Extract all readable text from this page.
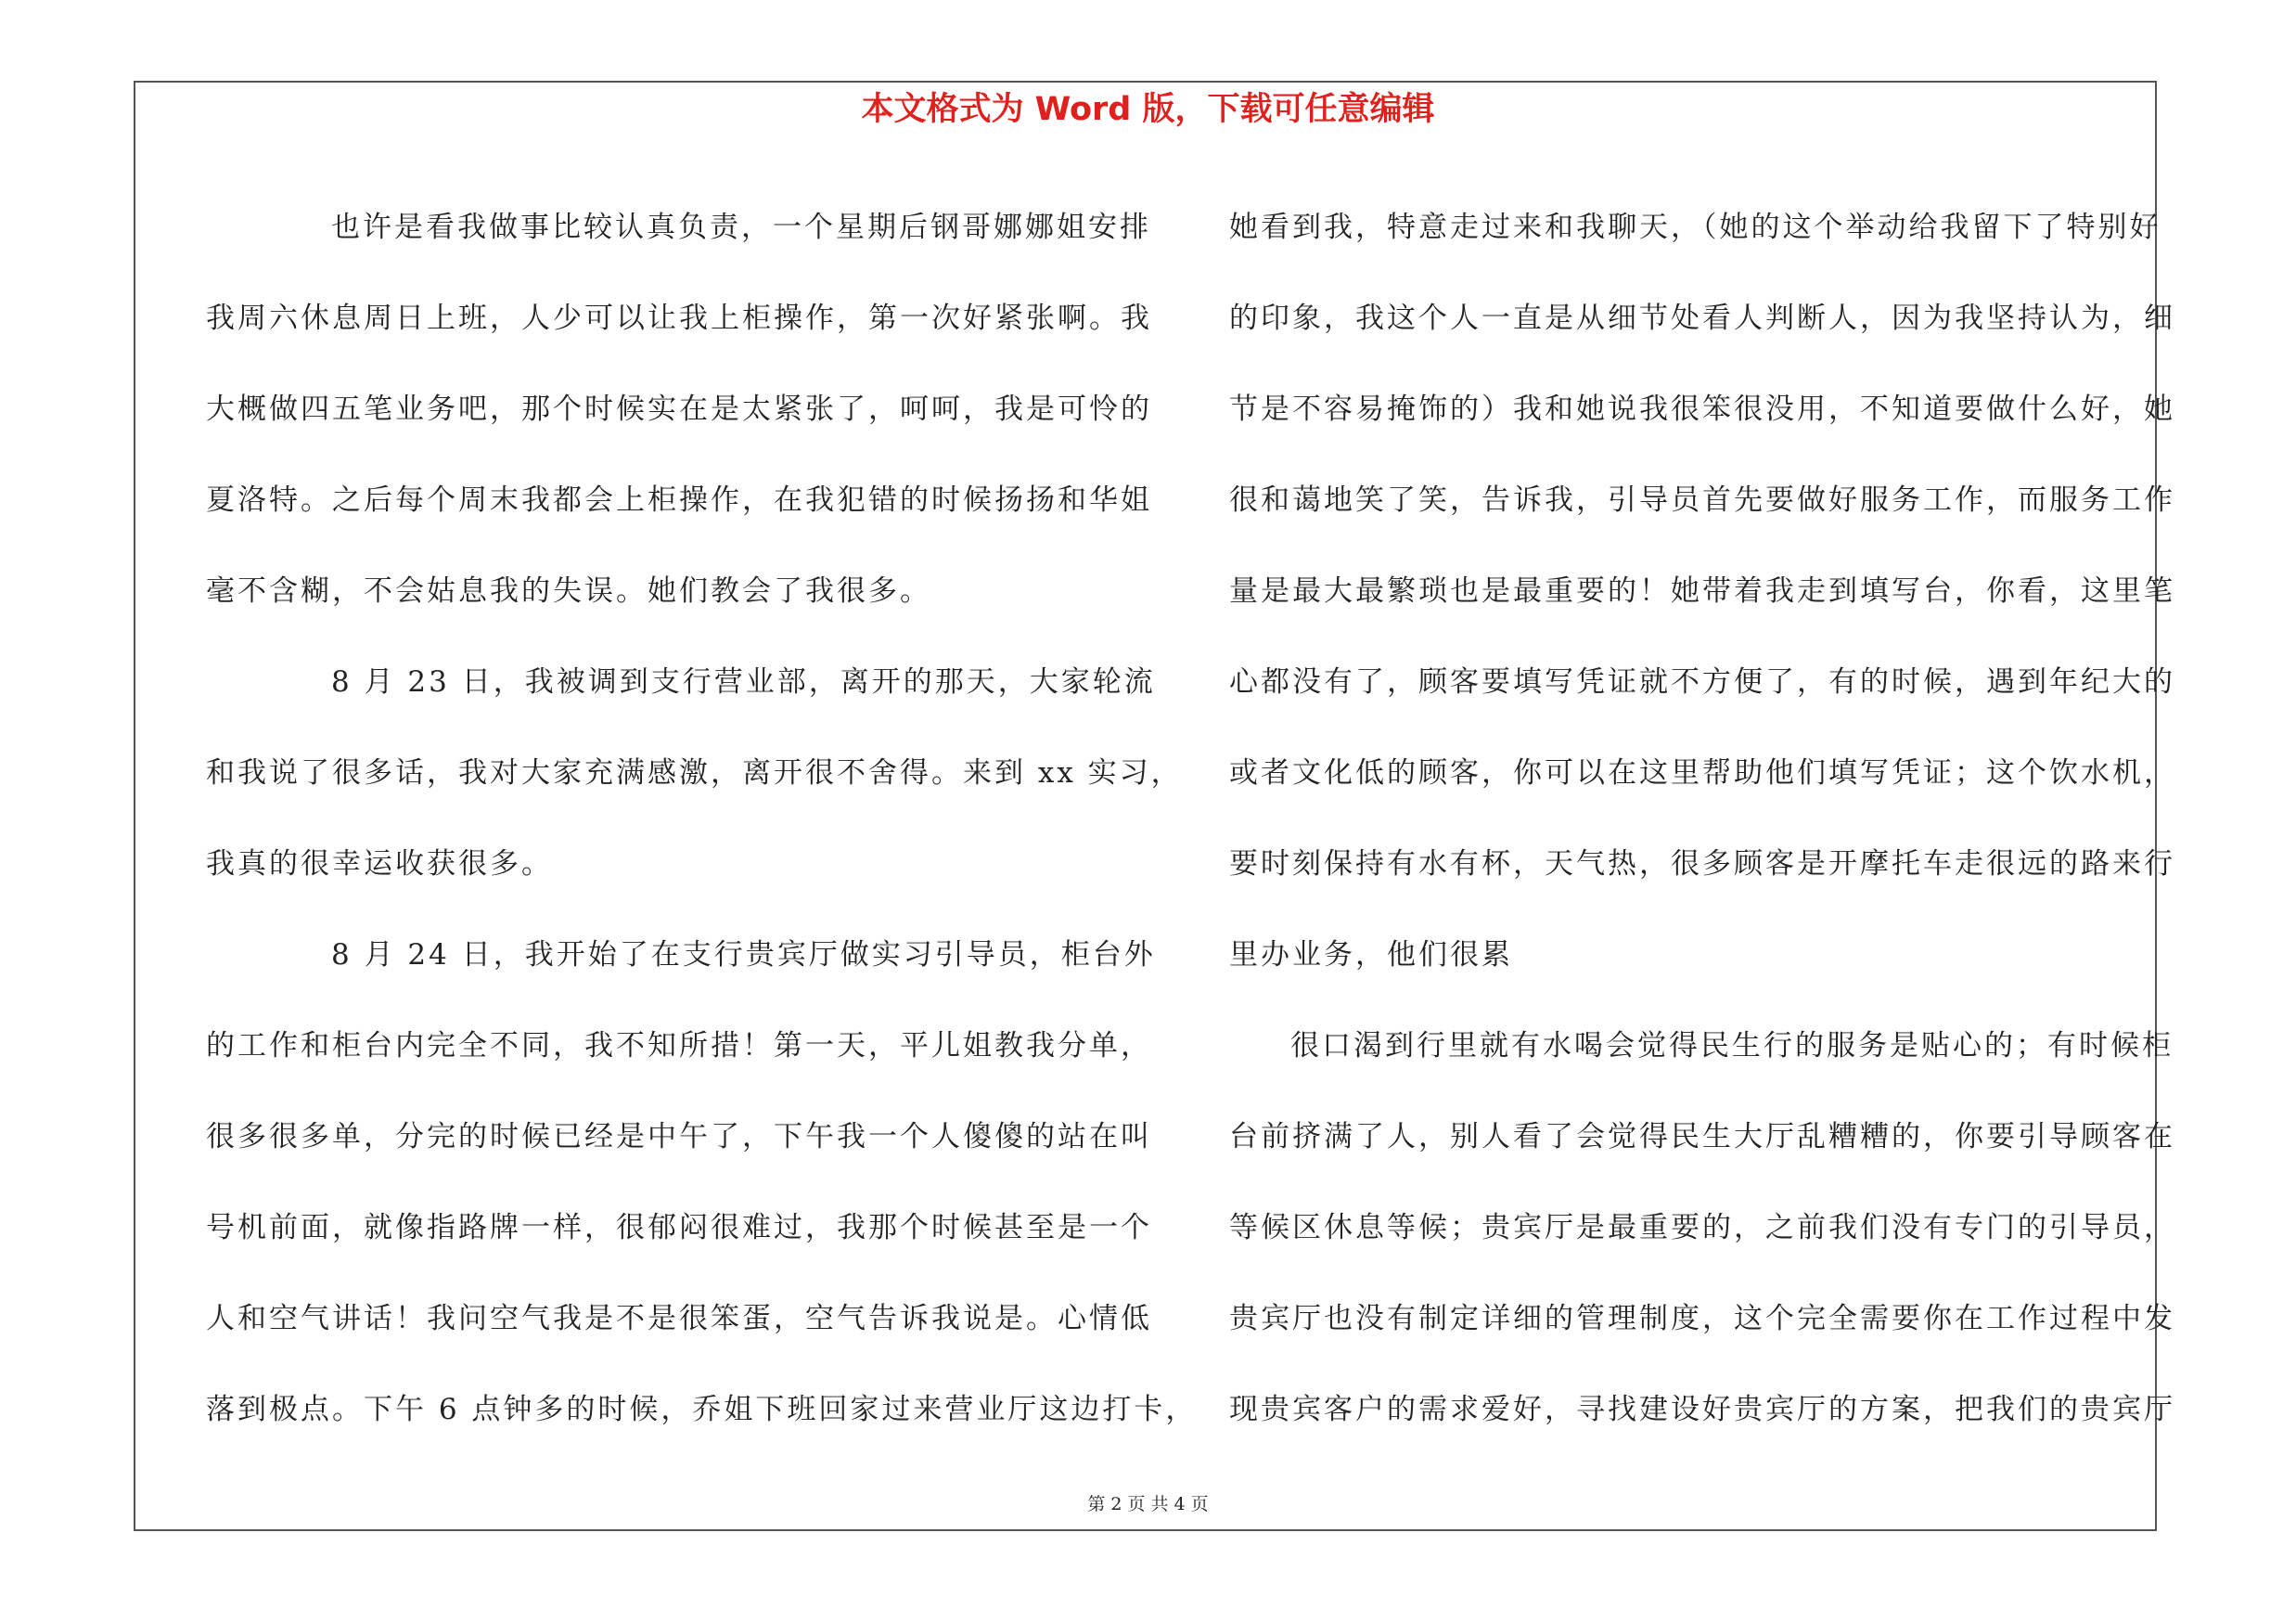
本文格式为 Word 版，下载可任意编辑
也许是看我做事比较认真负责，一个星期后钢哥娜娜姐安排
我周六休息周日上班，人少可以让我上柜操作，第一次好紧张啊。我
大概做四五笔业务吧，那个时候实在是太紧张了，呵呵，我是可怜的
夏洛特。之后每个周末我都会上柜操作，在我犯错的时候扬扬和华姐
毫不含糊，不会姑息我的失误。她们教会了我很多。
8 月 23 日，我被调到支行营业部，离开的那天，大家轮流
和我说了很多话，我对大家充满感激，离开很不舍得。来到 xx 实习，
我真的很幸运收获很多。
8 月 24 日，我开始了在支行贵宾厅做实习引导员，柜台外
的工作和柜台内完全不同，我不知所措！第一天，平儿姐教我分单，
很多很多单，分完的时候已经是中午了，下午我一个人傻傻的站在叫
号机前面，就像指路牌一样，很郁闷很难过，我那个时候甚至是一个
人和空气讲话！我问空气我是不是很笨蛋，空气告诉我说是。心情低
落到极点。下午 6 点钟多的时候，乔姐下班回家过来营业厅这边打卡，
她看到我，特意走过来和我聊天，（她的这个举动给我留下了特别好
的印象，我这个人一直是从细节处看人判断人，因为我坚持认为，细
节是不容易掩饰的）我和她说我很笨很没用，不知道要做什么好，她
很和蔼地笑了笑，告诉我，引导员首先要做好服务工作，而服务工作
量是最大最繁琐也是最重要的！她带着我走到填写台，你看，这里笔
心都没有了，顾客要填写凭证就不方便了，有的时候，遇到年纪大的
或者文化低的顾客，你可以在这里帮助他们填写凭证；这个饮水机，
要时刻保持有水有杯，天气热，很多顾客是开摩托车走很远的路来行
里办业务，他们很累
很口渴到行里就有水喝会觉得民生行的服务是贴心的；有时候柜
台前挤满了人，别人看了会觉得民生大厅乱糟糟的，你要引导顾客在
等候区休息等候；贵宾厅是最重要的，之前我们没有专门的引导员，
贵宾厅也没有制定详细的管理制度，这个完全需要你在工作过程中发
现贵宾客户的需求爱好，寻找建设好贵宾厅的方案，把我们的贵宾厅
第 2 页 共 4 页
